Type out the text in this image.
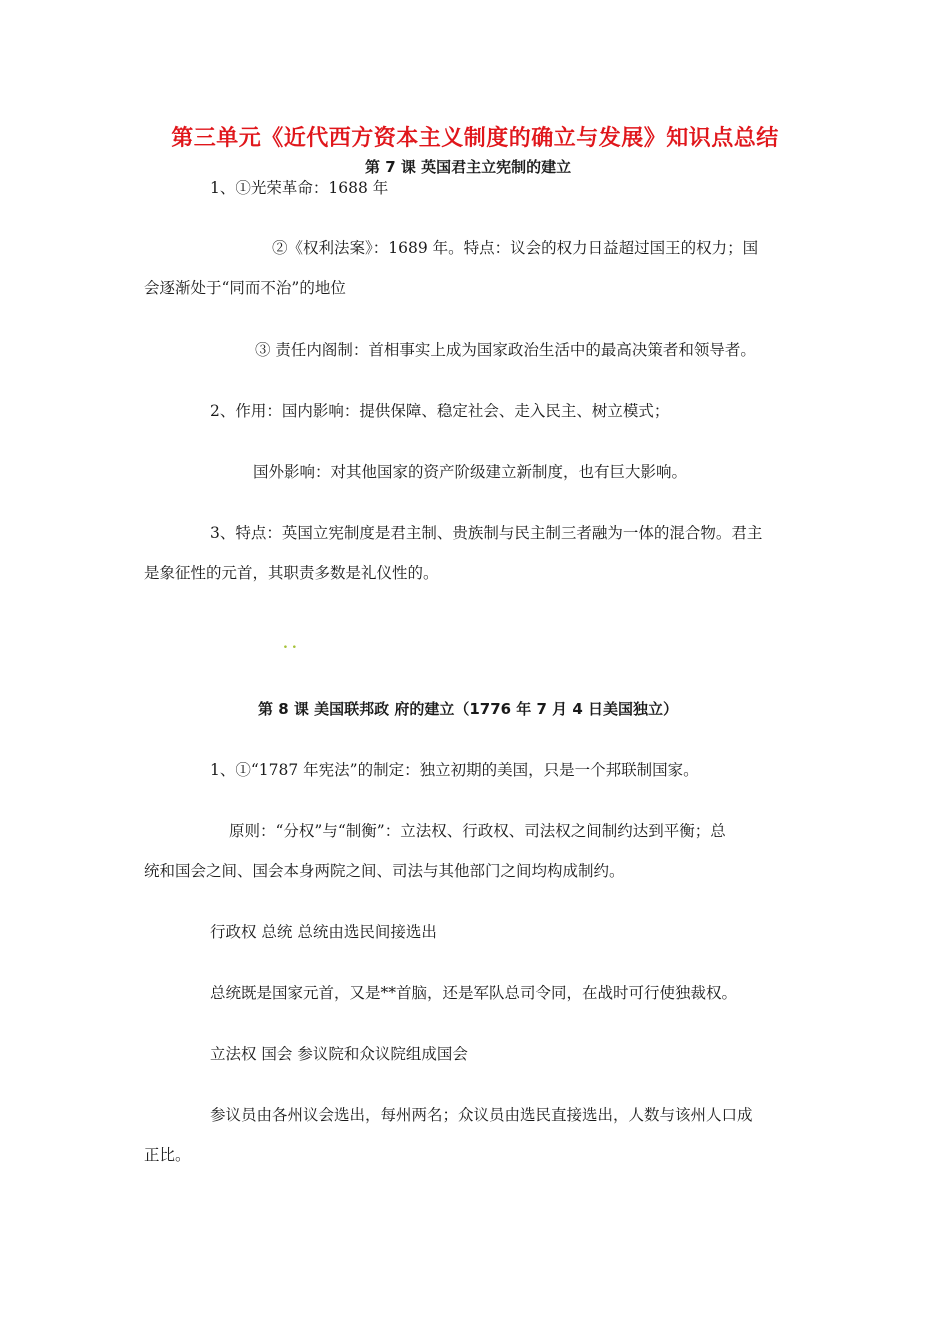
第三单元《近代西方资本主义制度的确立与发展》知识点总结
第 7 课 英国君主立宪制的建立
1、①光荣革命：1688 年
②《权利法案》：1689 年。特点：议会的权力日益超过国王的权力；国
会逐渐处于“同而不治”的地位
③ 责任内阁制：首相事实上成为国家政治生活中的最高决策者和领导者。
2、作用：国内影响：提供保障、稳定社会、走入民主、树立模式；
国外影响：对其他国家的资产阶级建立新制度，也有巨大影响。
3、特点：英国立宪制度是君主制、贵族制与民主制三者融为一体的混合物。君主
是象征性的元首，其职责多数是礼仪性的。
..
第 8 课 美国联邦政 府的建立（1776 年 7 月 4 日美国独立）
1、①“1787 年宪法”的制定：独立初期的美国，只是一个邦联制国家。
原则：“分权”与“制衡”：立法权、行政权、司法权之间制约达到平衡；总
统和国会之间、国会本身两院之间、司法与其他部门之间均构成制约。
行政权 总统 总统由选民间接选出
总统既是国家元首，又是**首脑，还是军队总司令同，在战时可行使独裁权。
立法权 国会 参议院和众议院组成国会
参议员由各州议会选出，每州两名；众议员由选民直接选出，人数与该州人口成
正比。
